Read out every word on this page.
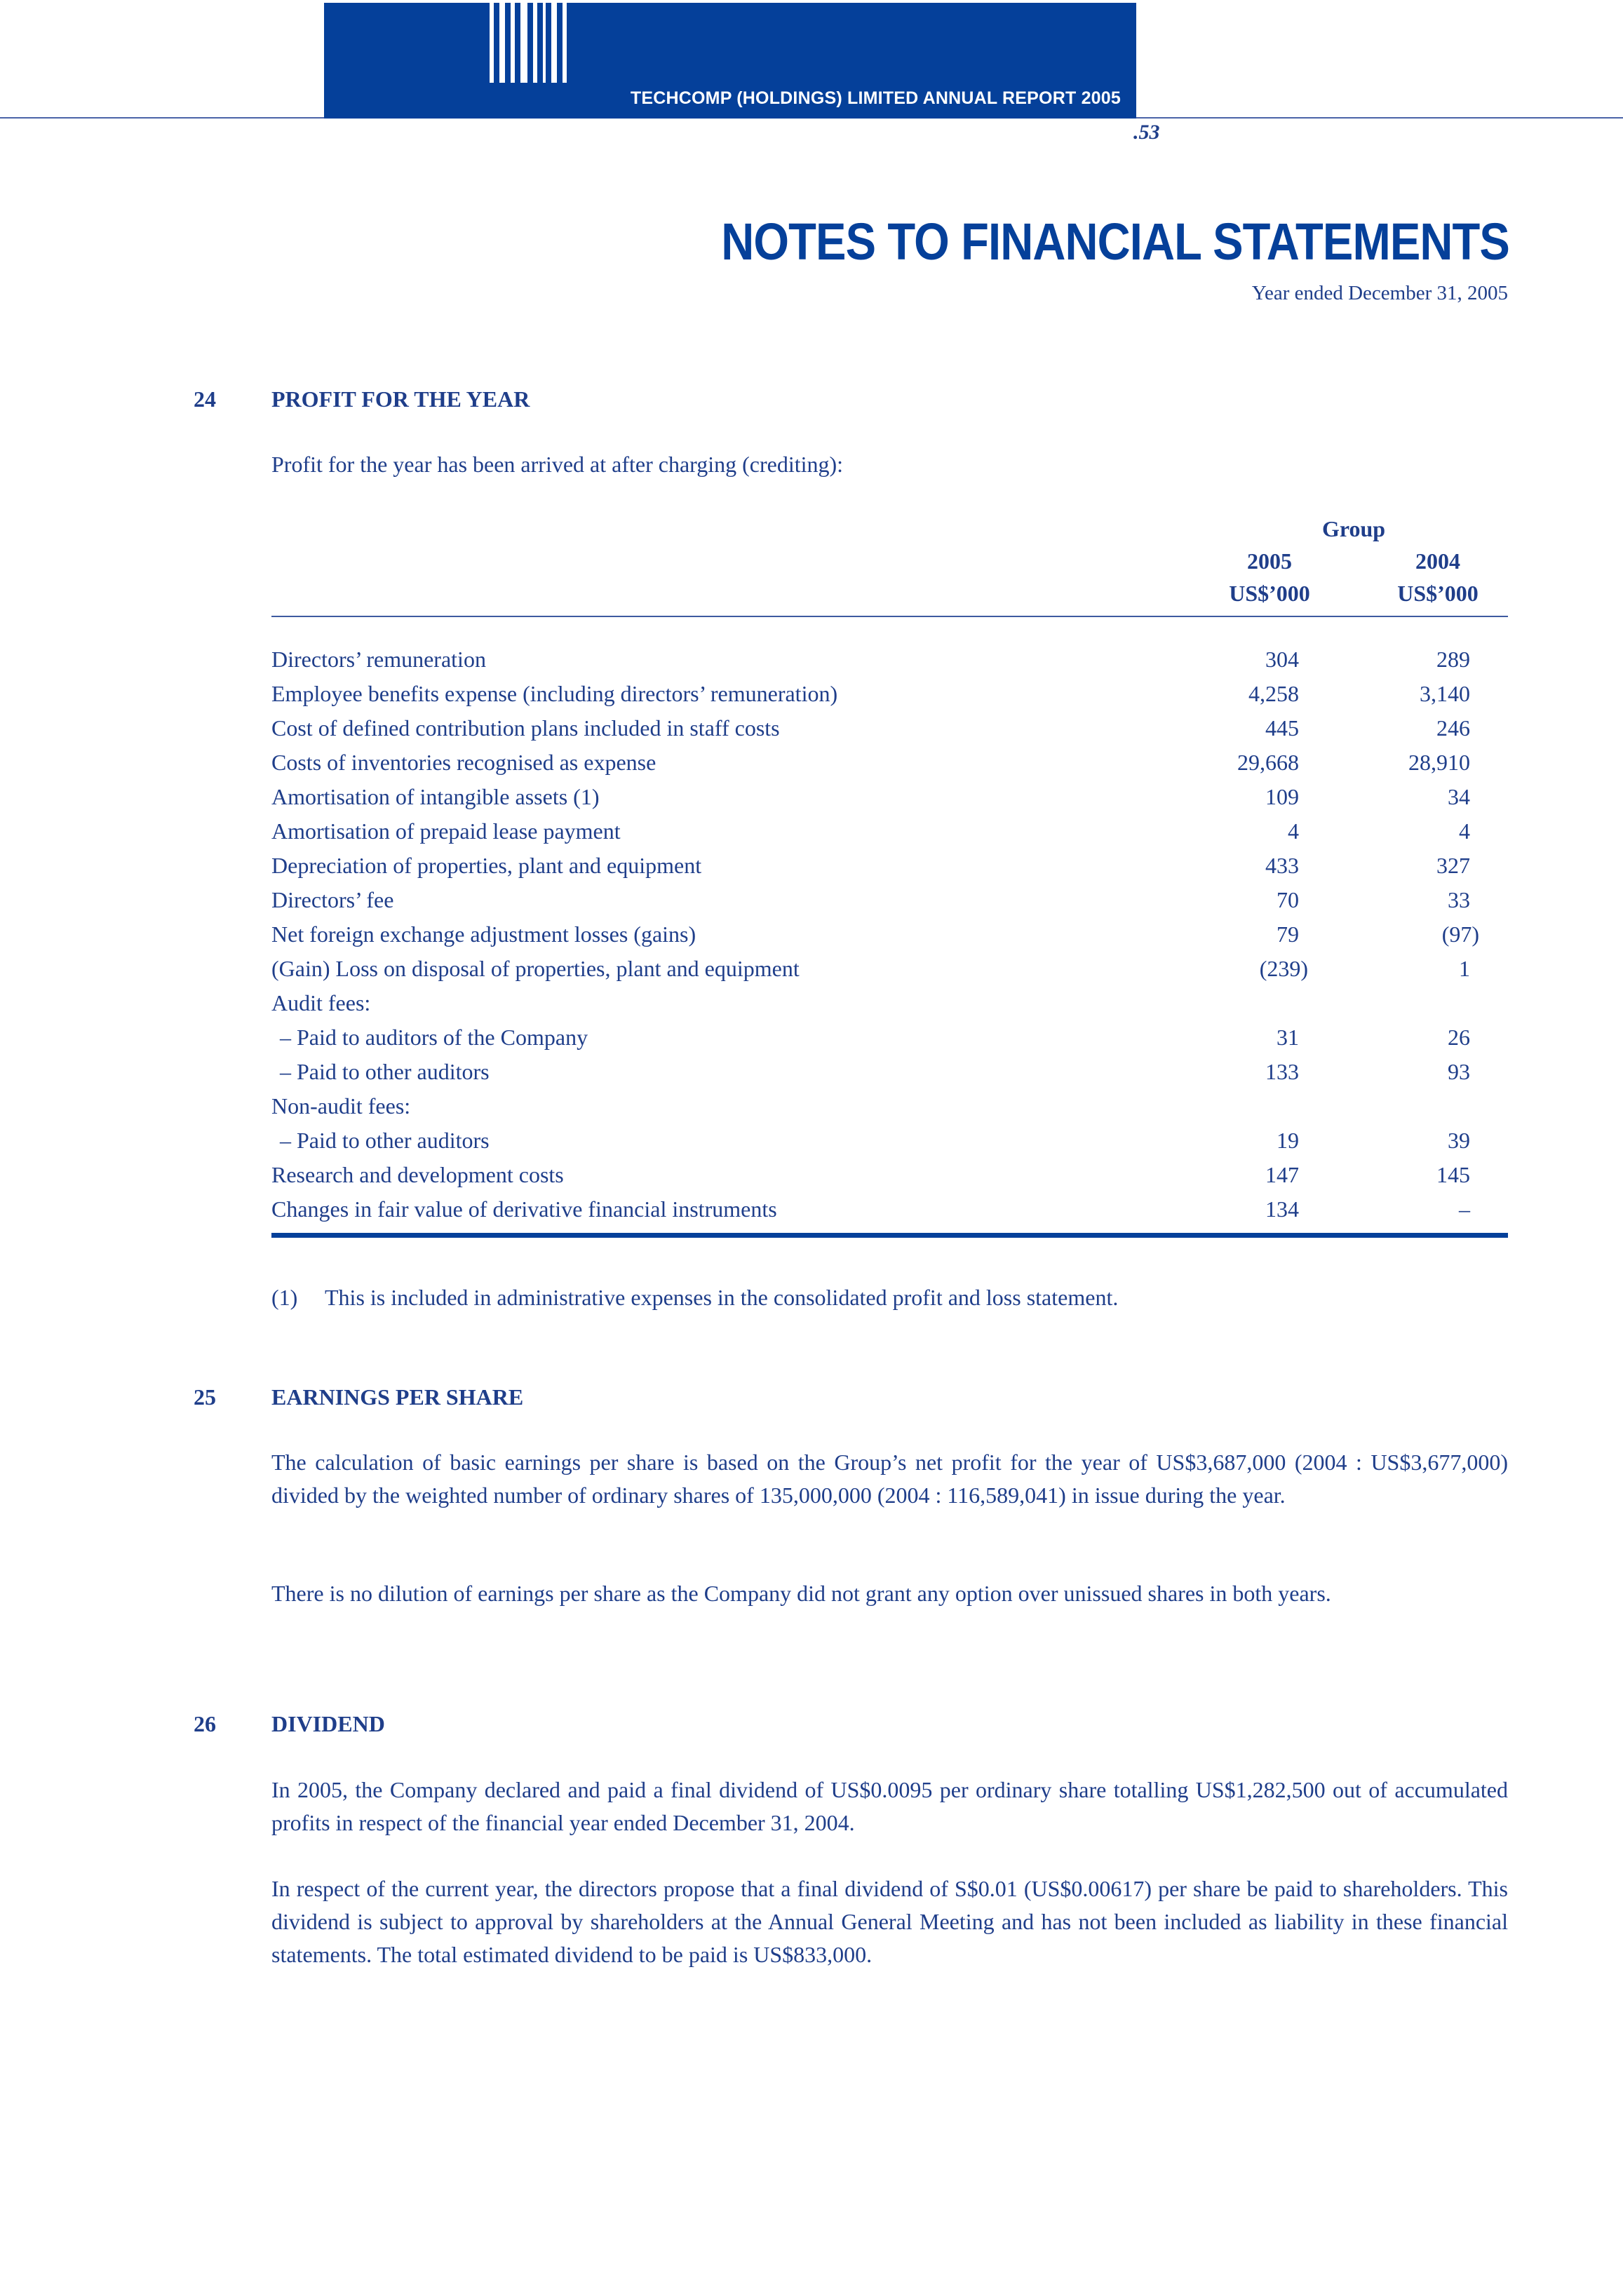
TECHCOMP (HOLDINGS) LIMITED ANNUAL REPORT 2005
.53
NOTES TO FINANCIAL STATEMENTS
Year ended December 31, 2005
24 PROFIT FOR THE YEAR
Profit for the year has been arrived at after charging (crediting):
Group
2005
US$’000
2004
US$’000
Directors’ remuneration	304	289
Employee benefits expense (including directors’ remuneration)	4,258	3,140
Cost of defined contribution plans included in staff costs	445	246
Costs of inventories recognised as expense	29,668	28,910
Amortisation of intangible assets (1)	109	34
Amortisation of prepaid lease payment	4	4
Depreciation of properties, plant and equipment	433	327
Directors’ fee	70	33
Net foreign exchange adjustment losses (gains)	79	(97)
(Gain) Loss on disposal of properties, plant and equipment	(239)	1
Audit fees:
– Paid to auditors of the Company	31	26
– Paid to other auditors	133	93
Non-audit fees:
– Paid to other auditors	19	39
Research and development costs	147	145
Changes in fair value of derivative financial instruments	134	–
(1) This is included in administrative expenses in the consolidated profit and loss statement.
25 EARNINGS PER SHARE
The calculation of basic earnings per share is based on the Group’s net profit for the year of US$3,687,000 (2004 : US$3,677,000) divided by the weighted number of ordinary shares of 135,000,000 (2004 : 116,589,041) in issue during the year.
There is no dilution of earnings per share as the Company did not grant any option over unissued shares in both years.
26 DIVIDEND
In 2005, the Company declared and paid a final dividend of US$0.0095 per ordinary share totalling US$1,282,500 out of accumulated profits in respect of the financial year ended December 31, 2004.
In respect of the current year, the directors propose that a final dividend of S$0.01 (US$0.00617) per share be paid to shareholders. This dividend is subject to approval by shareholders at the Annual General Meeting and has not been included as liability in these financial statements. The total estimated dividend to be paid is US$833,000.
